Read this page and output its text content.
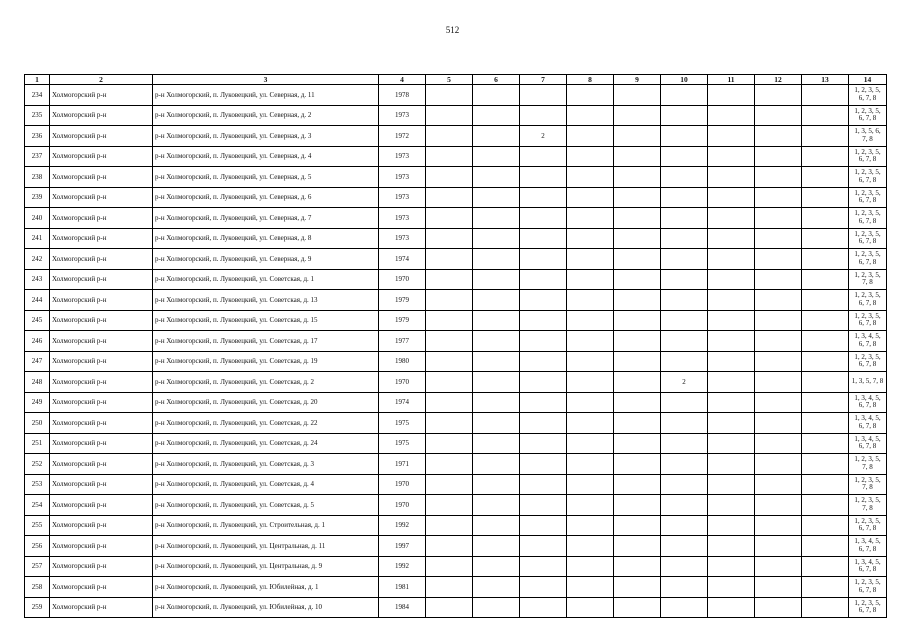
512
1	2	3	4	5	6	7	8	9	10	11	12	13	14
234	Холмогорский р-н	р-н Холмогорский, п. Луковецкий, ул. Северная, д. 11	1978										1, 2, 3, 5, 6, 7, 8
235	Холмогорский р-н	р-н Холмогорский, п. Луковецкий, ул. Северная, д. 2	1973										1, 2, 3, 5, 6, 7, 8
236	Холмогорский р-н	р-н Холмогорский, п. Луковецкий, ул. Северная, д. 3	1972			2							1, 3, 5, 6, 7, 8
237	Холмогорский р-н	р-н Холмогорский, п. Луковецкий, ул. Северная, д. 4	1973										1, 2, 3, 5, 6, 7, 8
238	Холмогорский р-н	р-н Холмогорский, п. Луковецкий, ул. Северная, д. 5	1973										1, 2, 3, 5, 6, 7, 8
239	Холмогорский р-н	р-н Холмогорский, п. Луковецкий, ул. Северная, д. 6	1973										1, 2, 3, 5, 6, 7, 8
240	Холмогорский р-н	р-н Холмогорский, п. Луковецкий, ул. Северная, д. 7	1973										1, 2, 3, 5, 6, 7, 8
241	Холмогорский р-н	р-н Холмогорский, п. Луковецкий, ул. Северная, д. 8	1973										1, 2, 3, 5, 6, 7, 8
242	Холмогорский р-н	р-н Холмогорский, п. Луковецкий, ул. Северная, д. 9	1974										1, 2, 3, 5, 6, 7, 8
243	Холмогорский р-н	р-н Холмогорский, п. Луковецкий, ул. Советская, д. 1	1970										1, 2, 3, 5, 7, 8
244	Холмогорский р-н	р-н Холмогорский, п. Луковецкий, ул. Советская, д. 13	1979										1, 2, 3, 5, 6, 7, 8
245	Холмогорский р-н	р-н Холмогорский, п. Луковецкий, ул. Советская, д. 15	1979										1, 2, 3, 5, 6, 7, 8
246	Холмогорский р-н	р-н Холмогорский, п. Луковецкий, ул. Советская, д. 17	1977										1, 3, 4, 5, 6, 7, 8
247	Холмогорский р-н	р-н Холмогорский, п. Луковецкий, ул. Советская, д. 19	1980										1, 2, 3, 5, 6, 7, 8
248	Холмогорский р-н	р-н Холмогорский, п. Луковецкий, ул. Советская, д. 2	1970						2				1, 3, 5, 7, 8
249	Холмогорский р-н	р-н Холмогорский, п. Луковецкий, ул. Советская, д. 20	1974										1, 3, 4, 5, 6, 7, 8
250	Холмогорский р-н	р-н Холмогорский, п. Луковецкий, ул. Советская, д. 22	1975										1, 3, 4, 5, 6, 7, 8
251	Холмогорский р-н	р-н Холмогорский, п. Луковецкий, ул. Советская, д. 24	1975										1, 3, 4, 5, 6, 7, 8
252	Холмогорский р-н	р-н Холмогорский, п. Луковецкий, ул. Советская, д. 3	1971										1, 2, 3, 5, 7, 8
253	Холмогорский р-н	р-н Холмогорский, п. Луковецкий, ул. Советская, д. 4	1970										1, 2, 3, 5, 7, 8
254	Холмогорский р-н	р-н Холмогорский, п. Луковецкий, ул. Советская, д. 5	1970										1, 2, 3, 5, 7, 8
255	Холмогорский р-н	р-н Холмогорский, п. Луковецкий, ул. Строительная, д. 1	1992										1, 2, 3, 5, 6, 7, 8
256	Холмогорский р-н	р-н Холмогорский, п. Луковецкий, ул. Центральная, д. 11	1997										1, 3, 4, 5, 6, 7, 8
257	Холмогорский р-н	р-н Холмогорский, п. Луковецкий, ул. Центральная, д. 9	1992										1, 3, 4, 5, 6, 7, 8
258	Холмогорский р-н	р-н Холмогорский, п. Луковецкий, ул. Юбилейная, д. 1	1981										1, 2, 3, 5, 6, 7, 8
259	Холмогорский р-н	р-н Холмогорский, п. Луковецкий, ул. Юбилейная, д. 10	1984										1, 2, 3, 5, 6, 7, 8
